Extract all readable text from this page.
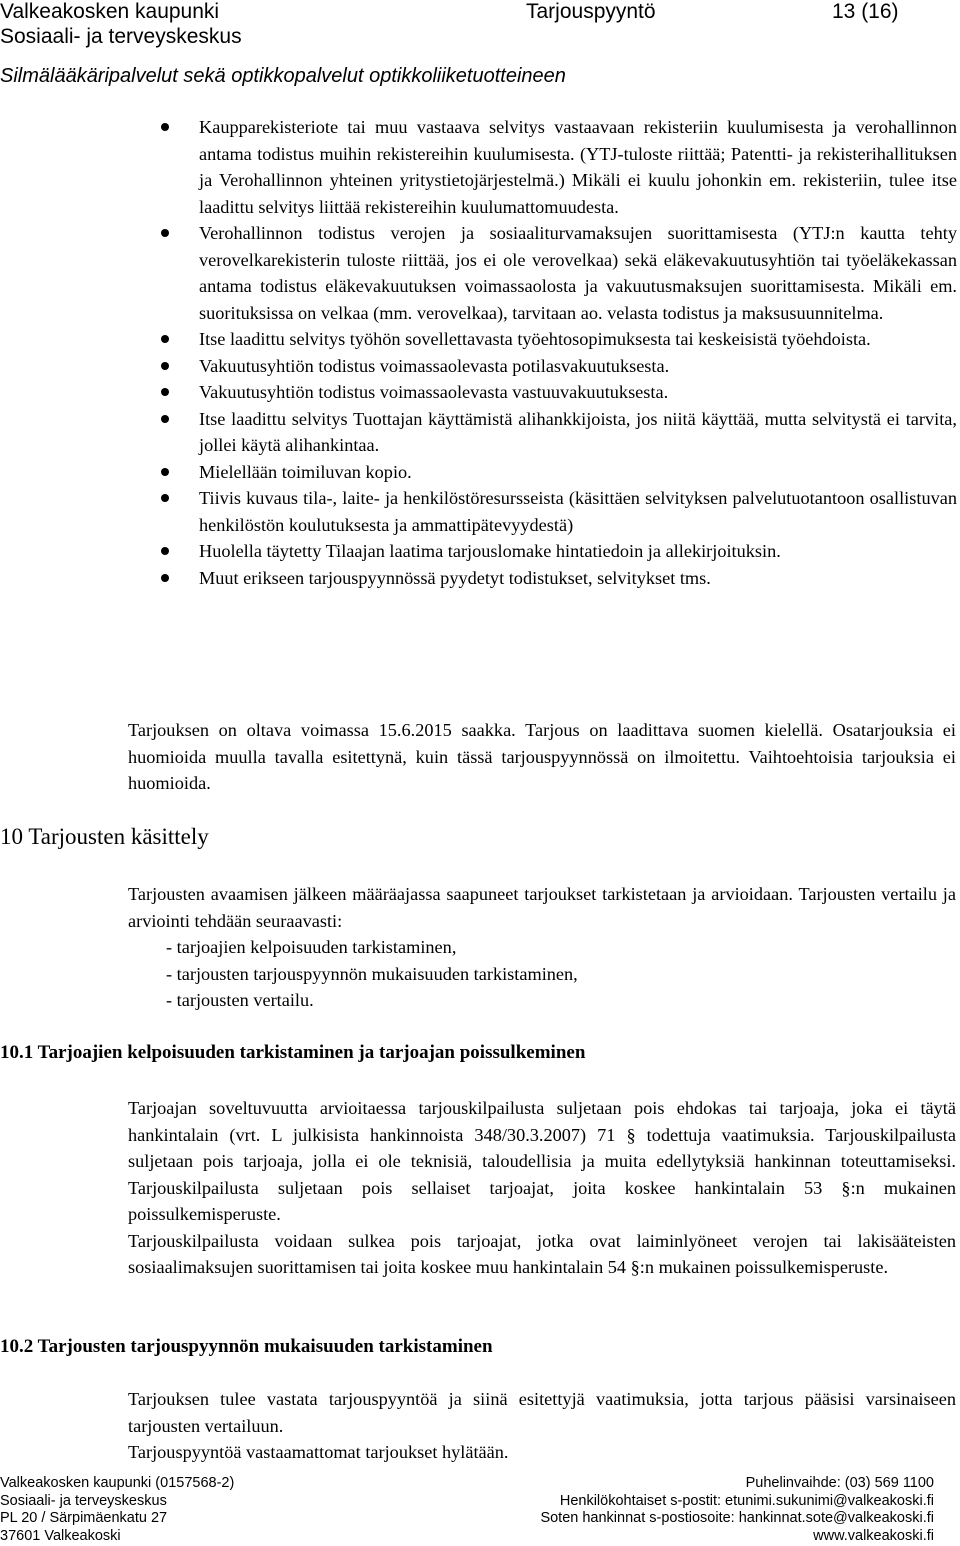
Valkeakosken kaupunki	Tarjouspyyntö	13 (16)
Sosiaali- ja terveyskeskus
Silmälääkäripalvelut sekä optikkopalvelut optikkoliiketuotteineen
Kaupparekisteriote tai muu vastaava selvitys vastaavaan rekisteriin kuulumisesta ja verohallinnon antama todistus muihin rekistereihin kuulumisesta. (YTJ-tuloste riittää; Patentti- ja rekisterihallituksen ja Verohallinnon yhteinen yritystietojärjestelmä.) Mikäli ei kuulu johonkin em. rekisteriin, tulee itse laadittu selvitys liittää rekistereihin kuulumattomuudesta.
Verohallinnon todistus verojen ja sosiaaliturvamaksujen suorittamisesta (YTJ:n kautta tehty verovelkarekisterin tuloste riittää, jos ei ole verovelkaa) sekä eläkevakuutusyhtiön tai työeläkekassan antama todistus eläkevakuutuksen voimassaolosta ja vakuutusmaksujen suorittamisesta. Mikäli em. suorituksissa on velkaa (mm. verovelkaa), tarvitaan ao. velasta todistus ja maksusuunnitelma.
Itse laadittu selvitys työhön sovellettavasta työehtosopimuksesta tai keskeisistä työehdoista.
Vakuutusyhtiön todistus voimassaolevasta potilasvakuutuksesta.
Vakuutusyhtiön todistus voimassaolevasta vastuuvakuutuksesta.
Itse laadittu selvitys Tuottajan käyttämistä alihankkijoista, jos niitä käyttää, mutta selvitystä ei tarvita, jollei käytä alihankintaa.
Mielellään toimiluvan kopio.
Tiivis kuvaus tila-, laite- ja henkilöstöresursseista (käsittäen selvityksen palvelutuotantoon osallistuvan henkilöstön koulutuksesta ja ammattipätevyydestä)
Huolella täytetty Tilaajan laatima tarjouslomake hintatiedoin ja allekirjoituksin.
Muut erikseen tarjouspyynnössä pyydetyt todistukset, selvitykset tms.

Tarjouksen on oltava voimassa 15.6.2015 saakka. Tarjous on laadittava suomen kielellä. Osatarjouksia ei huomioida muulla tavalla esitettynä, kuin tässä tarjouspyynnössä on ilmoitettu. Vaihtoehtoisia tarjouksia ei huomioida.

10 Tarjousten käsittely

Tarjousten avaamisen jälkeen määräajassa saapuneet tarjoukset tarkistetaan ja arvioidaan. Tarjousten vertailu ja arviointi tehdään seuraavasti:

- tarjoajien kelpoisuuden tarkistaminen,

- tarjousten tarjouspyynnön mukaisuuden tarkistaminen,

- tarjousten vertailu.

10.1 Tarjoajien kelpoisuuden tarkistaminen ja tarjoajan poissulkeminen

Tarjoajan soveltuvuutta arvioitaessa tarjouskilpailusta suljetaan pois ehdokas tai tarjoaja, joka ei täytä hankintalain (vrt. L julkisista hankinnoista 348/30.3.2007) 71 § todettuja vaatimuksia. Tarjouskilpailusta suljetaan pois tarjoaja, jolla ei ole teknisiä, taloudellisia ja muita edellytyksiä hankinnan toteuttamiseksi. Tarjouskilpailusta suljetaan pois sellaiset tarjoajat, joita koskee hankintalain 53 §:n mukainen poissulkemisperuste.

Tarjouskilpailusta voidaan sulkea pois tarjoajat, jotka ovat laiminlyöneet verojen tai lakisääteisten sosiaalimaksujen suorittamisen tai joita koskee muu hankintalain 54 §:n mukainen poissulkemisperuste.

10.2 Tarjousten tarjouspyynnön mukaisuuden tarkistaminen

Tarjouksen tulee vastata tarjouspyyntöä ja siinä esitettyjä vaatimuksia, jotta tarjous pääsisi varsinaiseen tarjousten vertailuun.

Tarjouspyyntöä vastaamattomat tarjoukset hylätään.

Valkeakosken kaupunki (0157568-2)
Sosiaali- ja terveyskeskus
PL 20 / Särpimäenkatu 27
37601 Valkeakoski
Puhelinvaihde: (03) 569 1100
Henkilökohtaiset s-postit: etunimi.sukunimi@valkeakoski.fi
Soten hankinnat s-postiosoite: hankinnat.sote@valkeakoski.fi
www.valkeakoski.fi
